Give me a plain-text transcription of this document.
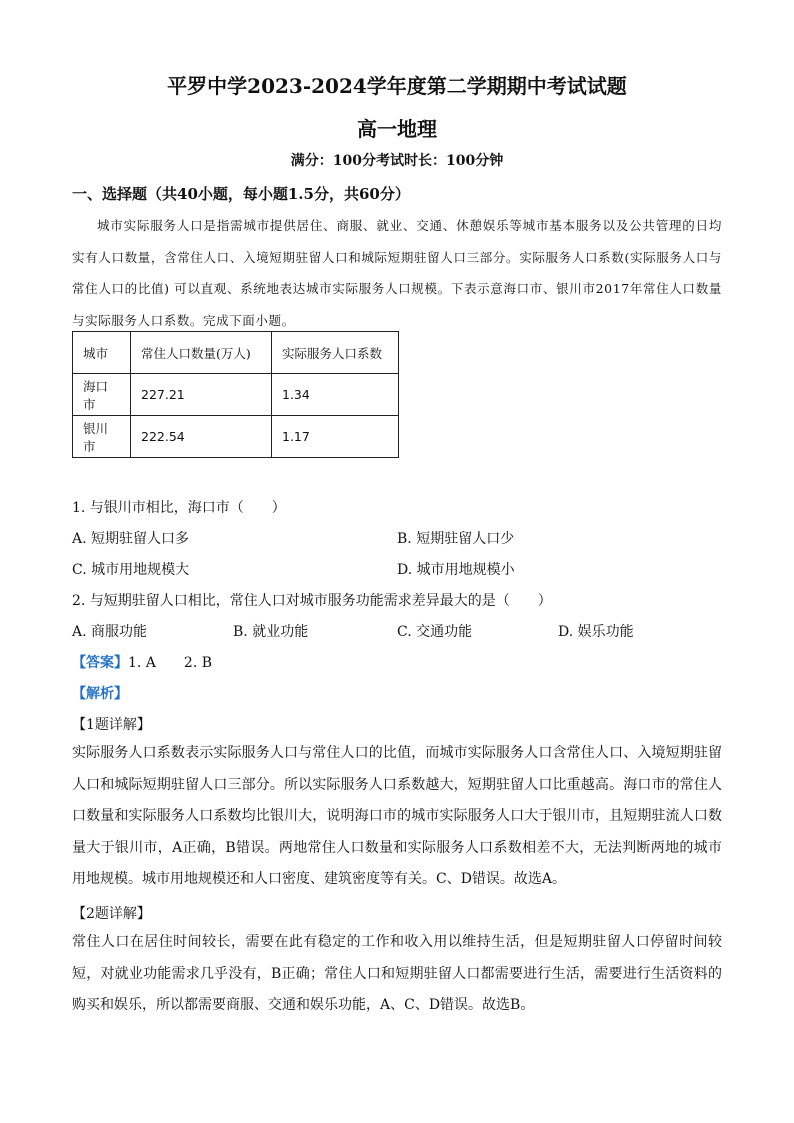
平罗中学2023-2024学年度第二学期期中考试试题
高一地理
满分：100分考试时长：100分钟
一、选择题（共40小题，每小题1.5分，共60分）
城市实际服务人口是指需城市提供居住、商服、就业、交通、休憩娱乐等城市基本服务以及公共管理的日均实有人口数量，含常住人口、入境短期驻留人口和城际短期驻留人口三部分。实际服务人口系数(实际服务人口与常住人口的比值) 可以直观、系统地表达城市实际服务人口规模。下表示意海口市、银川市2017年常住人口数量与实际服务人口系数。完成下面小题。
城市	常住人口数量(万人)	实际服务人口系数
海口市	227.21	1.34
银川市	222.54	1.17
1. 与银川市相比，海口市（　　）
A. 短期驻留人口多	B. 短期驻留人口少
C. 城市用地规模大	D. 城市用地规模小
2. 与短期驻留人口相比，常住人口对城市服务功能需求差异最大的是（　　）
A. 商服功能	B. 就业功能	C. 交通功能	D. 娱乐功能
【答案】1. A　　2. B
【解析】
【1题详解】
实际服务人口系数表示实际服务人口与常住人口的比值，而城市实际服务人口含常住人口、入境短期驻留人口和城际短期驻留人口三部分。所以实际服务人口系数越大，短期驻留人口比重越高。海口市的常住人口数量和实际服务人口系数均比银川大，说明海口市的城市实际服务人口大于银川市，且短期驻流人口数量大于银川市，A正确，B错误。两地常住人口数量和实际服务人口系数相差不大，无法判断两地的城市用地规模。城市用地规模还和人口密度、建筑密度等有关。C、D错误。故选A。
【2题详解】
常住人口在居住时间较长，需要在此有稳定的工作和收入用以维持生活，但是短期驻留人口停留时间较短，对就业功能需求几乎没有，B正确；常住人口和短期驻留人口都需要进行生活，需要进行生活资料的购买和娱乐，所以都需要商服、交通和娱乐功能，A、C、D错误。故选B。
